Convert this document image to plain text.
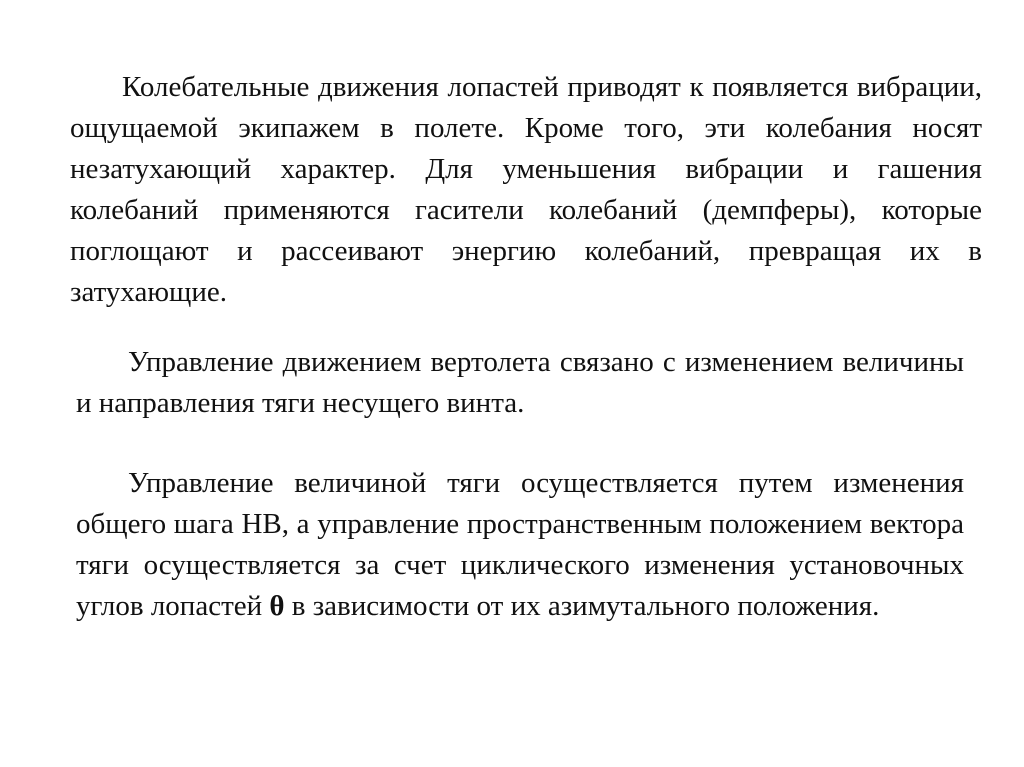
Колебательные движения лопастей приводят к появляется вибрации, ощущаемой экипажем в полете. Кроме того, эти колебания носят незатухающий характер. Для уменьшения вибрации и гашения колебаний применяются гасители колебаний (демпферы), которые поглощают и рассеивают энергию колебаний, превращая их в затухающие.

Управление движением вертолета связано с изменением величины и направления тяги несущего винта.

Управление величиной тяги осуществляется путем изменения общего шага НВ, а управление пространственным положением вектора тяги осуществляется за счет циклического изменения установочных углов лопастей θ в зависимости от их азимутального положения.
